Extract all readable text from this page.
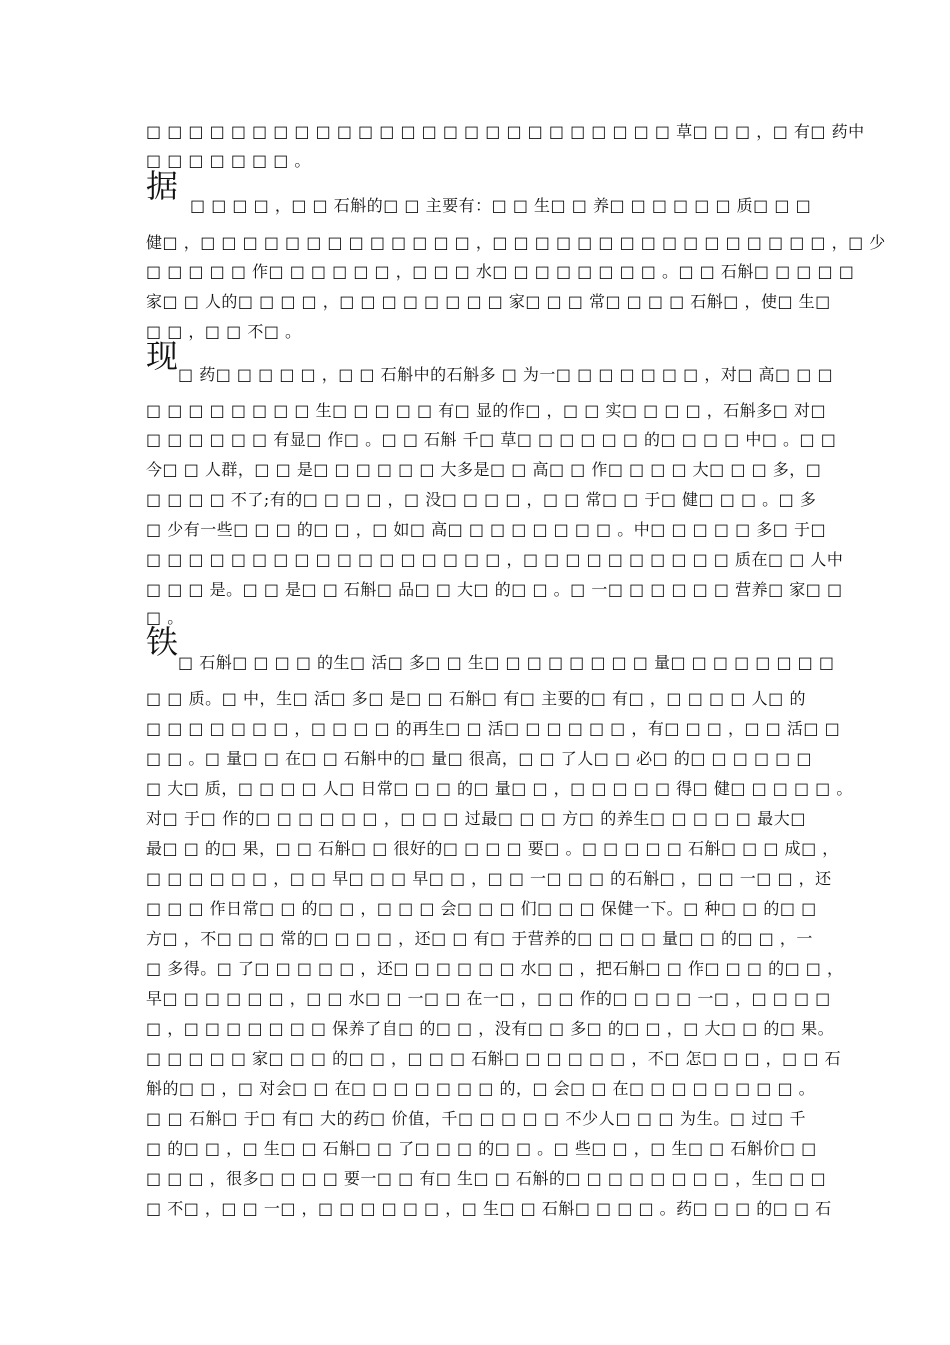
□ □ □ □ □ □ □ □ □ □ □ □ □ □ □ □ □ □ □ □ □ □ □ □ □ 草□ □ □ ，□ 有□ 药中
□ □ □ □ □ □ □ 。
据
□ □ □ □ ，□ □ 石斛的□ □ 主要有：□ □ 生□ □ 养□ □ □ □ □ □ 质□ □ □
健□ ，□ □ □ □ □ □ □ □ □ □ □ □ □ ，□ □ □ □ □ □ □ □ □ □ □ □ □ □ □ □ ，□ 少
□ □ □ □ □ 作□ □ □ □ □ □ ，□ □ □ 水□ □ □ □ □ □ □ □ 。□ □ 石斛□ □ □ □ □
家□ □ 人的□ □ □ □ ，□ □ □ □ □ □ □ □ 家□ □ □ 常□ □ □ □ 石斛□ ，使□ 生□
□ □ ，□ □ 不□ 。
现 □ 药□ □ □ □ □ ，□ □ 石斛中的石斛多 □ 为一□ □ □ □ □ □ □ ，对□ 高□ □ □
□ □ □ □ □ □ □ □ 生□ □ □ □ □ 有□ 显的作□ ，□ □ 实□ □ □ □ ，石斛多□ 对□
□ □ □ □ □ □ 有显□ 作□ 。□ □ 石斛 千□ 草□ □ □ □ □ □ 的□ □ □ □ 中□ 。□ □
今□ □ 人群，□ □ 是□ □ □ □ □ □ 大多是□ □ 高□ □ 作□ □ □ □ 大□ □ □ 多，□
□ □ □ □ 不了;有的□ □ □ □ ，□ 没□ □ □ □ ，□ □ 常□ □ 于□ 健□ □ □ 。□ 多
□ 少有一些□ □ □ 的□ □ ，□ 如□ 高□ □ □ □ □ □ □ □ 。中□ □ □ □ □ 多□ 于□
□ □ □ □ □ □ □ □ □ □ □ □ □ □ □ □ □ ，□ □ □ □ □ □ □ □ □ □ 质在□ □ 人中
□ □ □ 是。□ □ 是□ □ 石斛□ 品□ □ 大□ 的□ □ 。□ 一□ □ □ □ □ □ 营养□ 家□ □
□ 。
铁
□ 石斛□ □ □ □ 的生□ 活□ 多□ □ 生□ □ □ □ □ □ □ □ 量□ □ □ □ □ □ □ □
□ □ 质。□ 中，生□ 活□ 多□ 是□ □ 石斛□ 有□ 主要的□ 有□ ，□ □ □ □ 人□ 的
□ □ □ □ □ □ □ ，□ □ □ □ 的再生□ □ 活□ □ □ □ □ □ ，有□ □ □ ，□ □ 活□ □
□ □ 。□ 量□ □ 在□ □ 石斛中的□ 量□ 很高，□ □ 了人□ □ 必□ 的□ □ □ □ □ □
□ 大□ 质，□ □ □ □ 人□ 日常□ □ □ 的□ 量□ □ ，□ □ □ □ □ 得□ 健□ □ □ □ □ 。
对□ 于□ 作的□ □ □ □ □ □ ，□ □ □ 过最□ □ □ 方□ 的养生□ □ □ □ □ 最大□
最□ □ 的□ 果，□ □ 石斛□ □ 很好的□ □ □ □ 要□ 。□ □ □ □ □ 石斛□ □ □ 成□ ，
□ □ □ □ □ □ ，□ □ 早□ □ □ 早□ □ ，□ □ 一□ □ □ 的石斛□ ，□ □ 一□ □ ，还
□ □ □ 作日常□ □ 的□ □ ，□ □ □ 会□ □ □ 们□ □ □ 保健一下。□ 种□ □ 的□ □
方□ ，不□ □ □ 常的□ □ □ □ ，还□ □ 有□ 于营养的□ □ □ □ 量□ □ 的□ □ ，一
□ 多得。□ 了□ □ □ □ □ ，还□ □ □ □ □ □ 水□ □ ，把石斛□ □ 作□ □ □ 的□ □ ，
早□ □ □ □ □ □ ，□ □ 水□ □ 一□ □ 在一□ ，□ □ 作的□ □ □ □ 一□ ，□ □ □ □
□ ，□ □ □ □ □ □ □ 保养了自□ 的□ □ ，没有□ □ 多□ 的□ □ ，□ 大□ □ 的□ 果。
□ □ □ □ □ 家□ □ □ 的□ □ ，□ □ □ 石斛□ □ □ □ □ □ ，不□ 怎□ □ □ ，□ □ 石
斛的□ □ ，□ 对会□ □ 在□ □ □ □ □ □ □ 的，□ 会□ □ 在□ □ □ □ □ □ □ □ 。
□ □ 石斛□ 于□ 有□ 大的药□ 价值，千□ □ □ □ □ 不少人□ □ □ 为生。□ 过□ 千
□ 的□ □ ，□ 生□ □ 石斛□ □ 了□ □ □ 的□ □ 。□ 些□ □ ，□ 生□ □ 石斛价□ □
□ □ □ ，很多□ □ □ □ 要一□ □ 有□ 生□ □ 石斛的□ □ □ □ □ □ □ □ ，生□ □ □
□ 不□ ，□ □ 一□ ，□ □ □ □ □ □ ，□ 生□ □ 石斛□ □ □ □ 。药□ □ □ 的□ □ 石
